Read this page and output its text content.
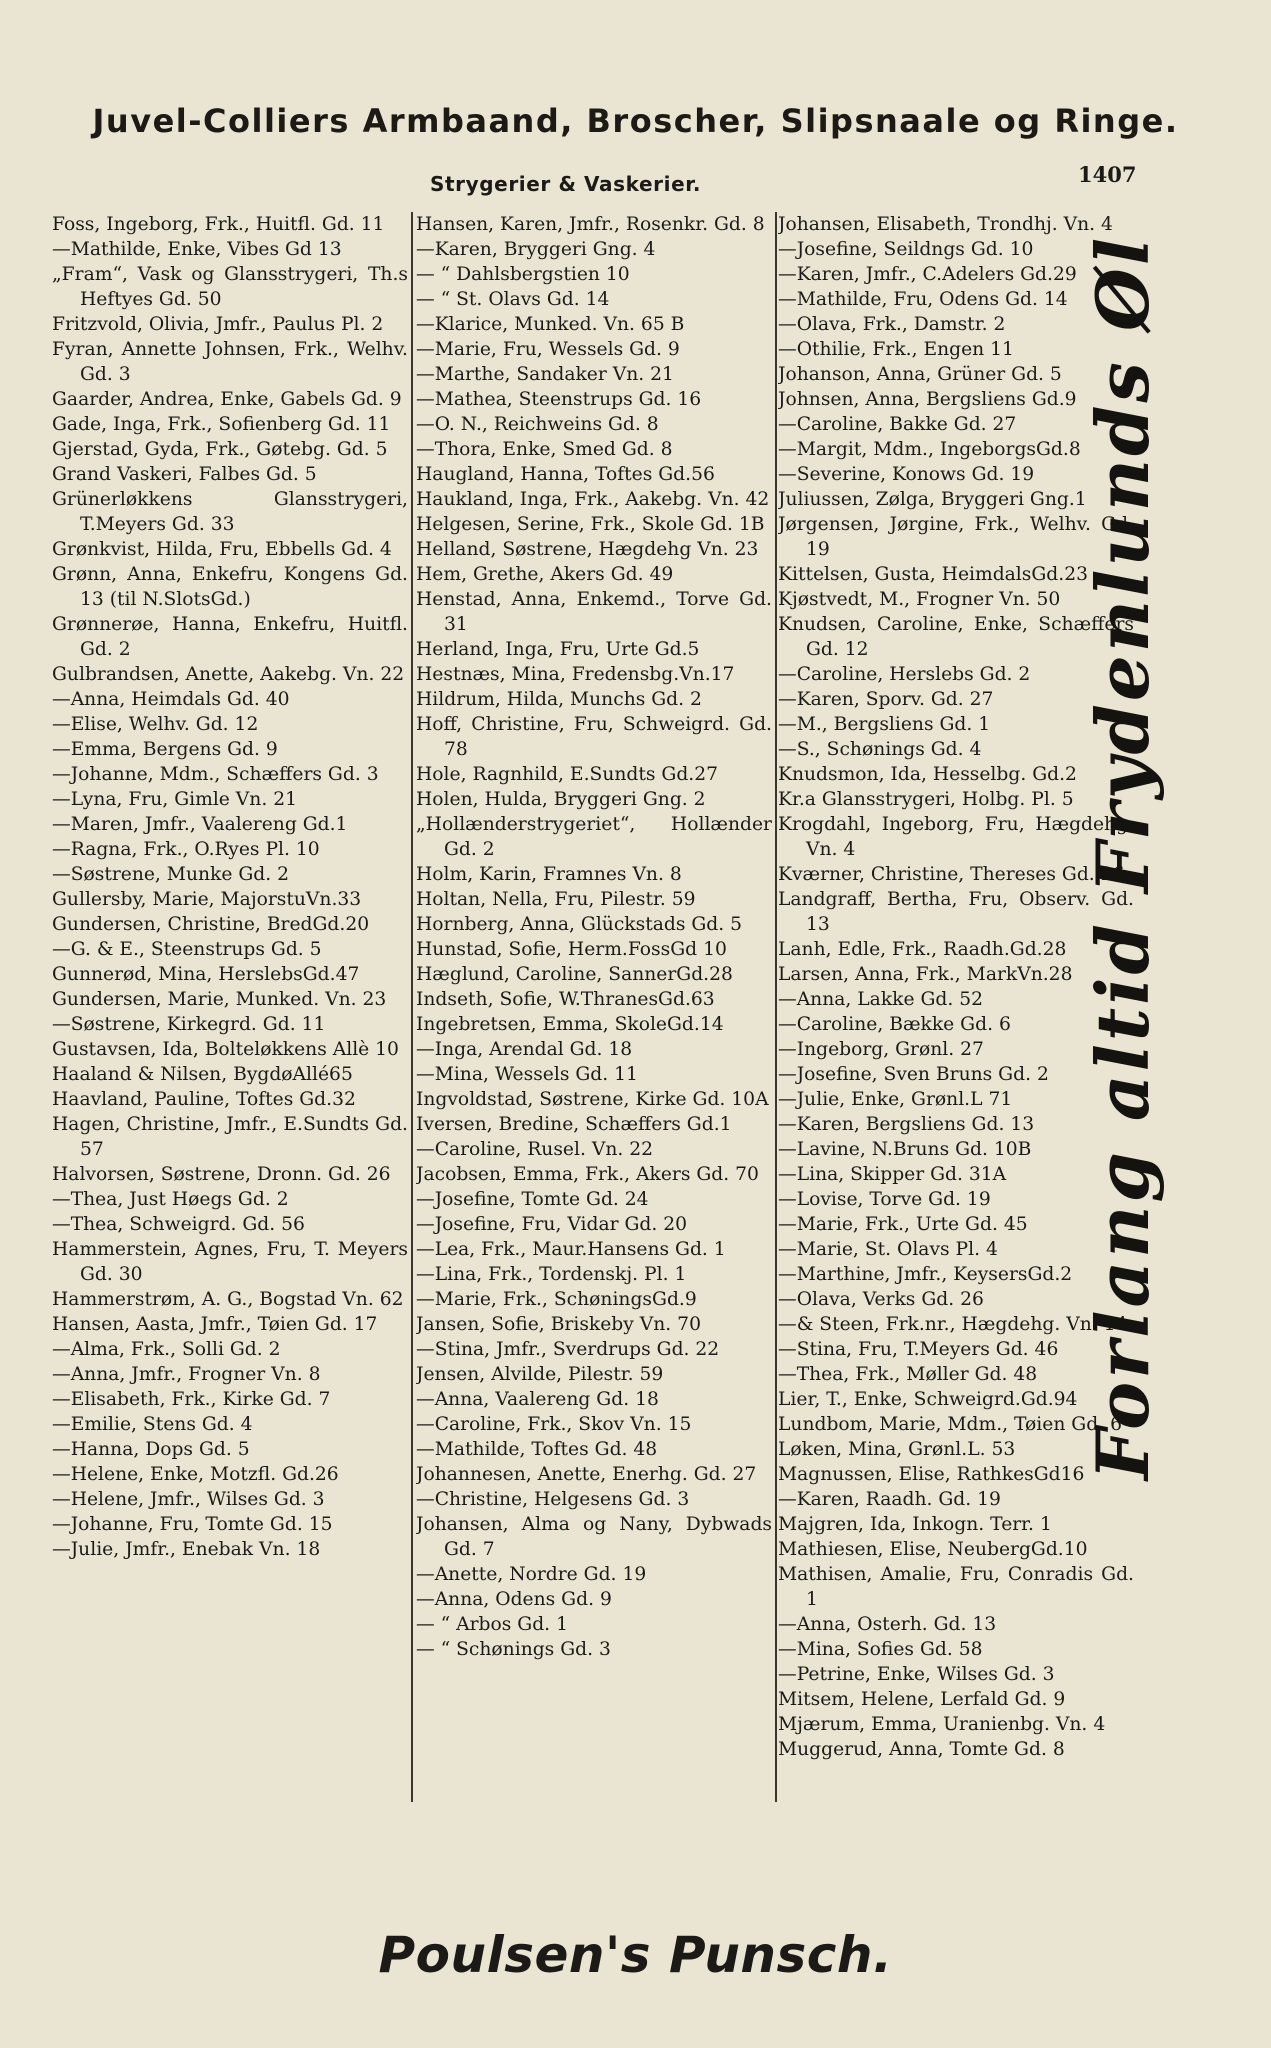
Juvel-Colliers Armbaand, Broscher, Slipsnaale og Ringe.
Strygerier & Vaskerier.	1407

Foss, Ingeborg, Frk., Huitfl. Gd. 11

—Mathilde, Enke, Vibes Gd 13

„Fram“, Vask og Glansstrygeri, Th.s Heftyes Gd. 50

Fritzvold, Olivia, Jmfr., Paulus Pl. 2

Fyran, Annette Johnsen, Frk., Welhv. Gd. 3

Gaarder, Andrea, Enke, Gabels Gd. 9

Gade, Inga, Frk., Sofienberg Gd. 11

Gjerstad, Gyda, Frk., Gøtebg. Gd. 5

Grand Vaskeri, Falbes Gd. 5

Grünerløkkens Glansstrygeri, T.Meyers Gd. 33

Grønkvist, Hilda, Fru, Ebbells Gd. 4

Grønn, Anna, Enkefru, Kongens Gd. 13 (til N.SlotsGd.)

Grønnerøe, Hanna, Enkefru, Huitfl. Gd. 2

Gulbrandsen, Anette, Aakebg. Vn. 22

—Anna, Heimdals Gd. 40

—Elise, Welhv. Gd. 12

—Emma, Bergens Gd. 9

—Johanne, Mdm., Schæffers Gd. 3

—Lyna, Fru, Gimle Vn. 21

—Maren, Jmfr., Vaalereng Gd.1

—Ragna, Frk., O.Ryes Pl. 10

—Søstrene, Munke Gd. 2

Gullersby, Marie, MajorstuVn.33

Gundersen, Christine, BredGd.20

—G. & E., Steenstrups Gd. 5

Gunnerød, Mina, HerslebsGd.47

Gundersen, Marie, Munked. Vn. 23

—Søstrene, Kirkegrd. Gd. 11

Gustavsen, Ida, Bolteløkkens Allè 10

Haaland & Nilsen, BygdøAllé65

Haavland, Pauline, Toftes Gd.32

Hagen, Christine, Jmfr., E.Sundts Gd. 57

Halvorsen, Søstrene, Dronn. Gd. 26

—Thea, Just Høegs Gd. 2

—Thea, Schweigrd. Gd. 56

Hammerstein, Agnes, Fru, T. Meyers Gd. 30

Hammerstrøm, A. G., Bogstad Vn. 62

Hansen, Aasta, Jmfr., Tøien Gd. 17

—Alma, Frk., Solli Gd. 2

—Anna, Jmfr., Frogner Vn. 8

—Elisabeth, Frk., Kirke Gd. 7

—Emilie, Stens Gd. 4

—Hanna, Dops Gd. 5

—Helene, Enke, Motzfl. Gd.26

—Helene, Jmfr., Wilses Gd. 3

—Johanne, Fru, Tomte Gd. 15

—Julie, Jmfr., Enebak Vn. 18

Hansen, Karen, Jmfr., Rosenkr. Gd. 8

—Karen, Bryggeri Gng. 4

— “ Dahlsbergstien 10

— “ St. Olavs Gd. 14

—Klarice, Munked. Vn. 65 B

—Marie, Fru, Wessels Gd. 9

—Marthe, Sandaker Vn. 21

—Mathea, Steenstrups Gd. 16

—O. N., Reichweins Gd. 8

—Thora, Enke, Smed Gd. 8

Haugland, Hanna, Toftes Gd.56

Haukland, Inga, Frk., Aakebg. Vn. 42

Helgesen, Serine, Frk., Skole Gd. 1B

Helland, Søstrene, Hægdehg Vn. 23

Hem, Grethe, Akers Gd. 49

Henstad, Anna, Enkemd., Torve Gd. 31

Herland, Inga, Fru, Urte Gd.5

Hestnæs, Mina, Fredensbg.Vn.17

Hildrum, Hilda, Munchs Gd. 2

Hoff, Christine, Fru, Schweigrd. Gd. 78

Hole, Ragnhild, E.Sundts Gd.27

Holen, Hulda, Bryggeri Gng. 2

„Hollænderstrygeriet“, Hollænder Gd. 2

Holm, Karin, Framnes Vn. 8

Holtan, Nella, Fru, Pilestr. 59

Hornberg, Anna, Glückstads Gd. 5

Hunstad, Sofie, Herm.FossGd 10

Hæglund, Caroline, SannerGd.28

Indseth, Sofie, W.ThranesGd.63

Ingebretsen, Emma, SkoleGd.14

—Inga, Arendal Gd. 18

—Mina, Wessels Gd. 11

Ingvoldstad, Søstrene, Kirke Gd. 10A

Iversen, Bredine, Schæffers Gd.1

—Caroline, Rusel. Vn. 22

Jacobsen, Emma, Frk., Akers Gd. 70

—Josefine, Tomte Gd. 24

—Josefine, Fru, Vidar Gd. 20

—Lea, Frk., Maur.Hansens Gd. 1

—Lina, Frk., Tordenskj. Pl. 1

—Marie, Frk., SchøningsGd.9

Jansen, Sofie, Briskeby Vn. 70

—Stina, Jmfr., Sverdrups Gd. 22

Jensen, Alvilde, Pilestr. 59

—Anna, Vaalereng Gd. 18

—Caroline, Frk., Skov Vn. 15

—Mathilde, Toftes Gd. 48

Johannesen, Anette, Enerhg. Gd. 27

—Christine, Helgesens Gd. 3

Johansen, Alma og Nany, Dybwads Gd. 7

—Anette, Nordre Gd. 19

—Anna, Odens Gd. 9

— “ Arbos Gd. 1

— “ Schønings Gd. 3

Johansen, Elisabeth, Trondhj. Vn. 4

—Josefine, Seildngs Gd. 10

—Karen, Jmfr., C.Adelers Gd.29

—Mathilde, Fru, Odens Gd. 14

—Olava, Frk., Damstr. 2

—Othilie, Frk., Engen 11

Johanson, Anna, Grüner Gd. 5

Johnsen, Anna, Bergsliens Gd.9

—Caroline, Bakke Gd. 27

—Margit, Mdm., IngeborgsGd.8

—Severine, Konows Gd. 19

Juliussen, Zølga, Bryggeri Gng.1

Jørgensen, Jørgine, Frk., Welhv. Gd. 19

Kittelsen, Gusta, HeimdalsGd.23

Kjøstvedt, M., Frogner Vn. 50

Knudsen, Caroline, Enke, Schæffers Gd. 12

—Caroline, Herslebs Gd. 2

—Karen, Sporv. Gd. 27

—M., Bergsliens Gd. 1

—S., Schønings Gd. 4

Knudsmon, Ida, Hesselbg. Gd.2

Kr.a Glansstrygeri, Holbg. Pl. 5

Krogdahl, Ingeborg, Fru, Hægdehg. Vn. 4

Kværner, Christine, Thereses Gd. 26

Landgraff, Bertha, Fru, Observ. Gd. 13

Lanh, Edle, Frk., Raadh.Gd.28

Larsen, Anna, Frk., MarkVn.28

—Anna, Lakke Gd. 52

—Caroline, Bække Gd. 6

—Ingeborg, Grønl. 27

—Josefine, Sven Bruns Gd. 2

—Julie, Enke, Grønl.L 71

—Karen, Bergsliens Gd. 13

—Lavine, N.Bruns Gd. 10B

—Lina, Skipper Gd. 31A

—Lovise, Torve Gd. 19

—Marie, Frk., Urte Gd. 45

—Marie, St. Olavs Pl. 4

—Marthine, Jmfr., KeysersGd.2

—Olava, Verks Gd. 26

—& Steen, Frk.nr., Hægdehg. Vn. 14

—Stina, Fru, T.Meyers Gd. 46

—Thea, Frk., Møller Gd. 48

Lier, T., Enke, Schweigrd.Gd.94

Lundbom, Marie, Mdm., Tøien Gd. 6

Løken, Mina, Grønl.L. 53

Magnussen, Elise, RathkesGd16

—Karen, Raadh. Gd. 19

Majgren, Ida, Inkogn. Terr. 1

Mathiesen, Elise, NeubergGd.10

Mathisen, Amalie, Fru, Conradis Gd. 1

—Anna, Osterh. Gd. 13

—Mina, Sofies Gd. 58

—Petrine, Enke, Wilses Gd. 3

Mitsem, Helene, Lerfald Gd. 9

Mjærum, Emma, Uranienbg. Vn. 4

Muggerud, Anna, Tomte Gd. 8

Forlang altid Frydenlunds Øl
Poulsen's Punsch.
